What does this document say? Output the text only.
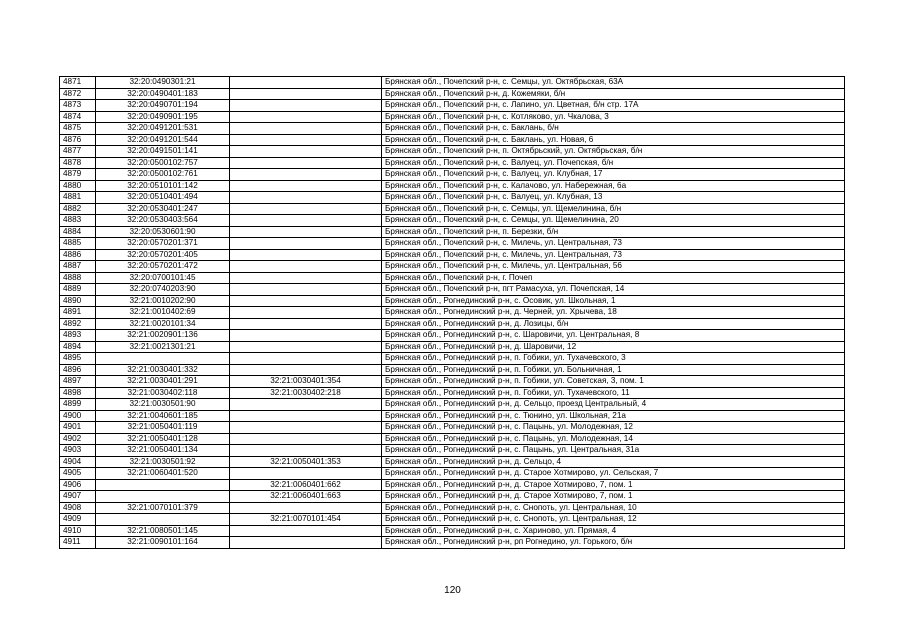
4871	32:20:0490301:21		Брянская обл., Почепский р-н, с. Семцы, ул. Октябрьская, 63А
4872	32:20:0490401:183		Брянская обл., Почепский р-н, д. Кожемяки, б/н
4873	32:20:0490701:194		Брянская обл., Почепский р-н, с. Лапино, ул. Цветная, б/н стр. 17А
4874	32:20:0490901:195		Брянская обл., Почепский р-н, с. Котляково, ул. Чкалова, 3
4875	32:20:0491201:531		Брянская обл., Почепский р-н, с. Баклань, б/н
4876	32:20:0491201:544		Брянская обл., Почепский р-н, с. Баклань, ул. Новая, 6
4877	32:20:0491501:141		Брянская обл., Почепский р-н, п. Октябрьский, ул. Октябрьская, б/н
4878	32:20:0500102:757		Брянская обл., Почепский р-н, с. Валуец, ул. Почепская, б/н
4879	32:20:0500102:761		Брянская обл., Почепский р-н, с. Валуец, ул. Клубная, 17
4880	32:20:0510101:142		Брянская обл., Почепский р-н, с. Калачово, ул. Набережная, 6а
4881	32:20:0510401:494		Брянская обл., Почепский р-н, с. Валуец, ул. Клубная, 13
4882	32:20:0530401:247		Брянская обл., Почепский р-н, с. Семцы, ул. Щемелинина, б/н
4883	32:20:0530403:564		Брянская обл., Почепский р-н, с. Семцы, ул. Щемелинина, 20
4884	32:20:0530601:90		Брянская обл., Почепский р-н, п. Березки, б/н
4885	32:20:0570201:371		Брянская обл., Почепский р-н, с. Милечь, ул. Центральная, 73
4886	32:20:0570201:405		Брянская обл., Почепский р-н, с. Милечь, ул. Центральная, 73
4887	32:20:0570201:472		Брянская обл., Почепский р-н, с. Милечь, ул. Центральная, 56
4888	32:20:0700101:45		Брянская обл., Почепский р-н, г. Почеп
4889	32:20:0740203:90		Брянская обл., Почепский р-н, пгт Рамасуха, ул. Почепская, 14
4890	32:21:0010202:90		Брянская обл., Рогнединский р-н, с. Осовик, ул. Школьная, 1
4891	32:21:0010402:69		Брянская обл., Рогнединский р-н, д. Черней, ул. Хрычева, 18
4892	32:21:0020101:34		Брянская обл., Рогнединский р-н, д. Лозицы, б/н
4893	32:21:0020901:136		Брянская обл., Рогнединский р-н, с. Шаровичи, ул. Центральная, 8
4894	32:21:0021301:21		Брянская обл., Рогнединский р-н, д. Шаровичи, 12
4895			Брянская обл., Рогнединский р-н, п. Гобики, ул. Тухачевского, 3
4896	32:21:0030401:332		Брянская обл., Рогнединский р-н, п. Гобики, ул. Больничная, 1
4897	32:21:0030401:291	32:21:0030401:354	Брянская обл., Рогнединский р-н, п. Гобики, ул. Советская, 3, пом. 1
4898	32:21:0030402:118	32:21:0030402:218	Брянская обл., Рогнединский р-н, п. Гобики, ул. Тухачевского, 11
4899	32:21:0030501:90		Брянская обл., Рогнединский р-н, д. Сельцо, проезд Центральный, 4
4900	32:21:0040601:185		Брянская обл., Рогнединский р-н, с. Тюнино, ул. Школьная, 21а
4901	32:21:0050401:119		Брянская обл., Рогнединский р-н, с. Пацынь, ул. Молодежная, 12
4902	32:21:0050401:128		Брянская обл., Рогнединский р-н, с. Пацынь, ул. Молодежная, 14
4903	32:21:0050401:134		Брянская обл., Рогнединский р-н, с. Пацынь, ул. Центральная, 31а
4904	32:21:0030501:92	32:21:0050401:353	Брянская обл., Рогнединский р-н, д. Сельцо, 4
4905	32:21:0060401:520		Брянская обл., Рогнединский р-н, д. Старое Хотмирово, ул. Сельская, 7
4906		32:21:0060401:662	Брянская обл., Рогнединский р-н, д. Старое Хотмирово, 7, пом. 1
4907		32:21:0060401:663	Брянская обл., Рогнединский р-н, д. Старое Хотмирово, 7, пом. 1
4908	32:21:0070101:379		Брянская обл., Рогнединский р-н, с. Снопоть, ул. Центральная, 10
4909		32:21:0070101:454	Брянская обл., Рогнединский р-н, с. Снопоть, ул. Центральная, 12
4910	32:21:0080501:145		Брянская обл., Рогнединский р-н, с. Хариново, ул. Прямая, 4
4911	32:21:0090101:164		Брянская обл., Рогнединский р-н, рп Рогнедино, ул. Горького, б/н
120
